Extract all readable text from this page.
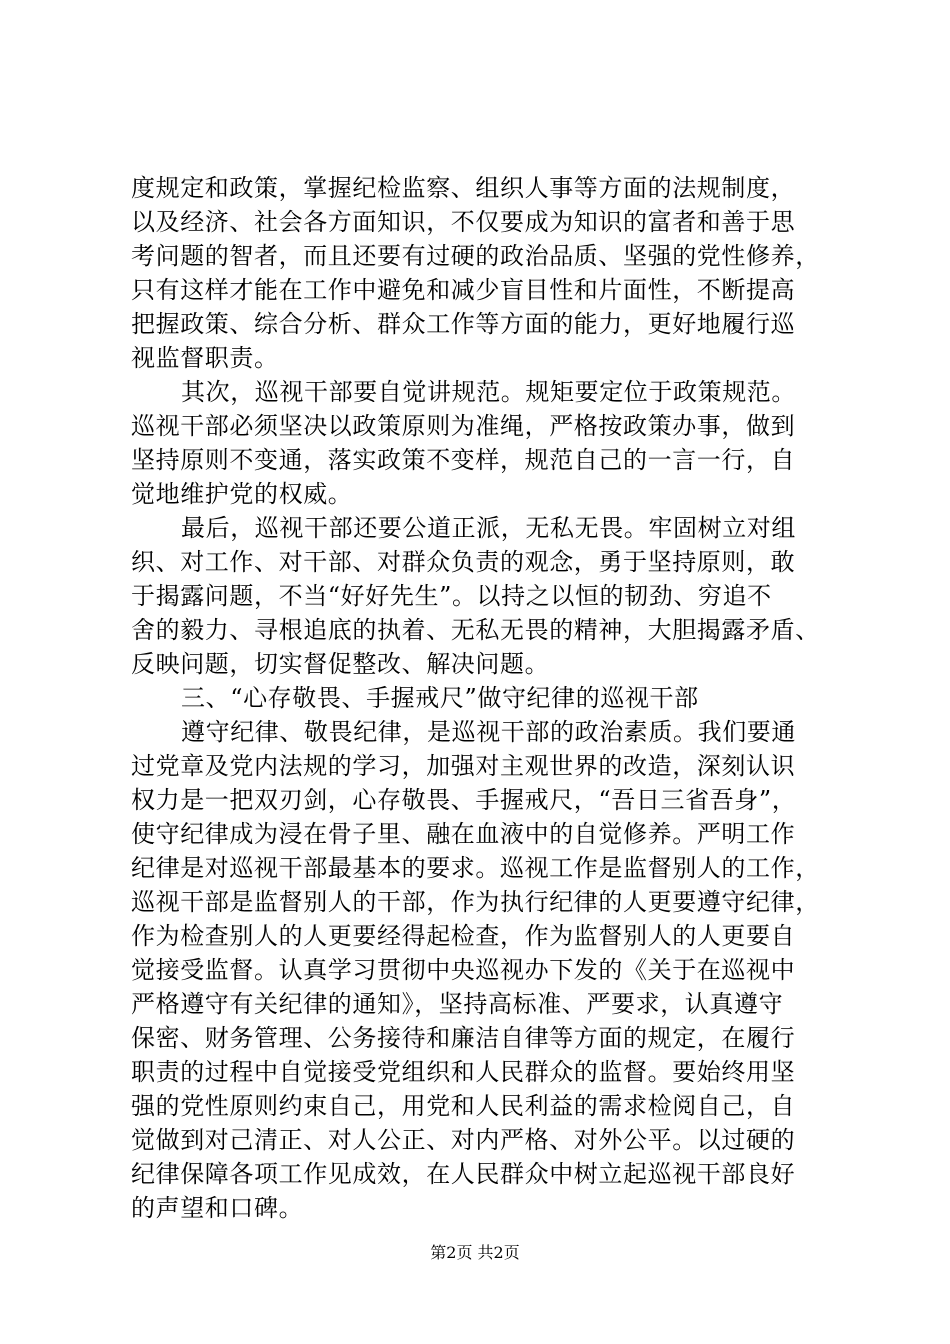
度规定和政策，掌握纪检监察、组织人事等方面的法规制度，
以及经济、社会各方面知识，不仅要成为知识的富者和善于思
考问题的智者，而且还要有过硬的政治品质、坚强的党性修养，
只有这样才能在工作中避免和减少盲目性和片面性，不断提高
把握政策、综合分析、群众工作等方面的能力，更好地履行巡
视监督职责。
其次，巡视干部要自觉讲规范。规矩要定位于政策规范。
巡视干部必须坚决以政策原则为准绳，严格按政策办事，做到
坚持原则不变通，落实政策不变样，规范自己的一言一行，自
觉地维护党的权威。
最后，巡视干部还要公道正派，无私无畏。牢固树立对组
织、对工作、对干部、对群众负责的观念，勇于坚持原则，敢
于揭露问题，不当“好好先生”。以持之以恒的韧劲、穷追不
舍的毅力、寻根追底的执着、无私无畏的精神，大胆揭露矛盾、
反映问题，切实督促整改、解决问题。
三、“心存敬畏、手握戒尺”做守纪律的巡视干部
遵守纪律、敬畏纪律，是巡视干部的政治素质。我们要通
过党章及党内法规的学习，加强对主观世界的改造，深刻认识
权力是一把双刃剑，心存敬畏、手握戒尺，“吾日三省吾身”，
使守纪律成为浸在骨子里、融在血液中的自觉修养。严明工作
纪律是对巡视干部最基本的要求。巡视工作是监督别人的工作，
巡视干部是监督别人的干部，作为执行纪律的人更要遵守纪律，
作为检查别人的人更要经得起检查，作为监督别人的人更要自
觉接受监督。认真学习贯彻中央巡视办下发的《关于在巡视中
严格遵守有关纪律的通知》，坚持高标准、严要求，认真遵守
保密、财务管理、公务接待和廉洁自律等方面的规定，在履行
职责的过程中自觉接受党组织和人民群众的监督。要始终用坚
强的党性原则约束自己，用党和人民利益的需求检阅自己，自
觉做到对己清正、对人公正、对内严格、对外公平。以过硬的
纪律保障各项工作见成效，在人民群众中树立起巡视干部良好
的声望和口碑。
第2页 共2页
